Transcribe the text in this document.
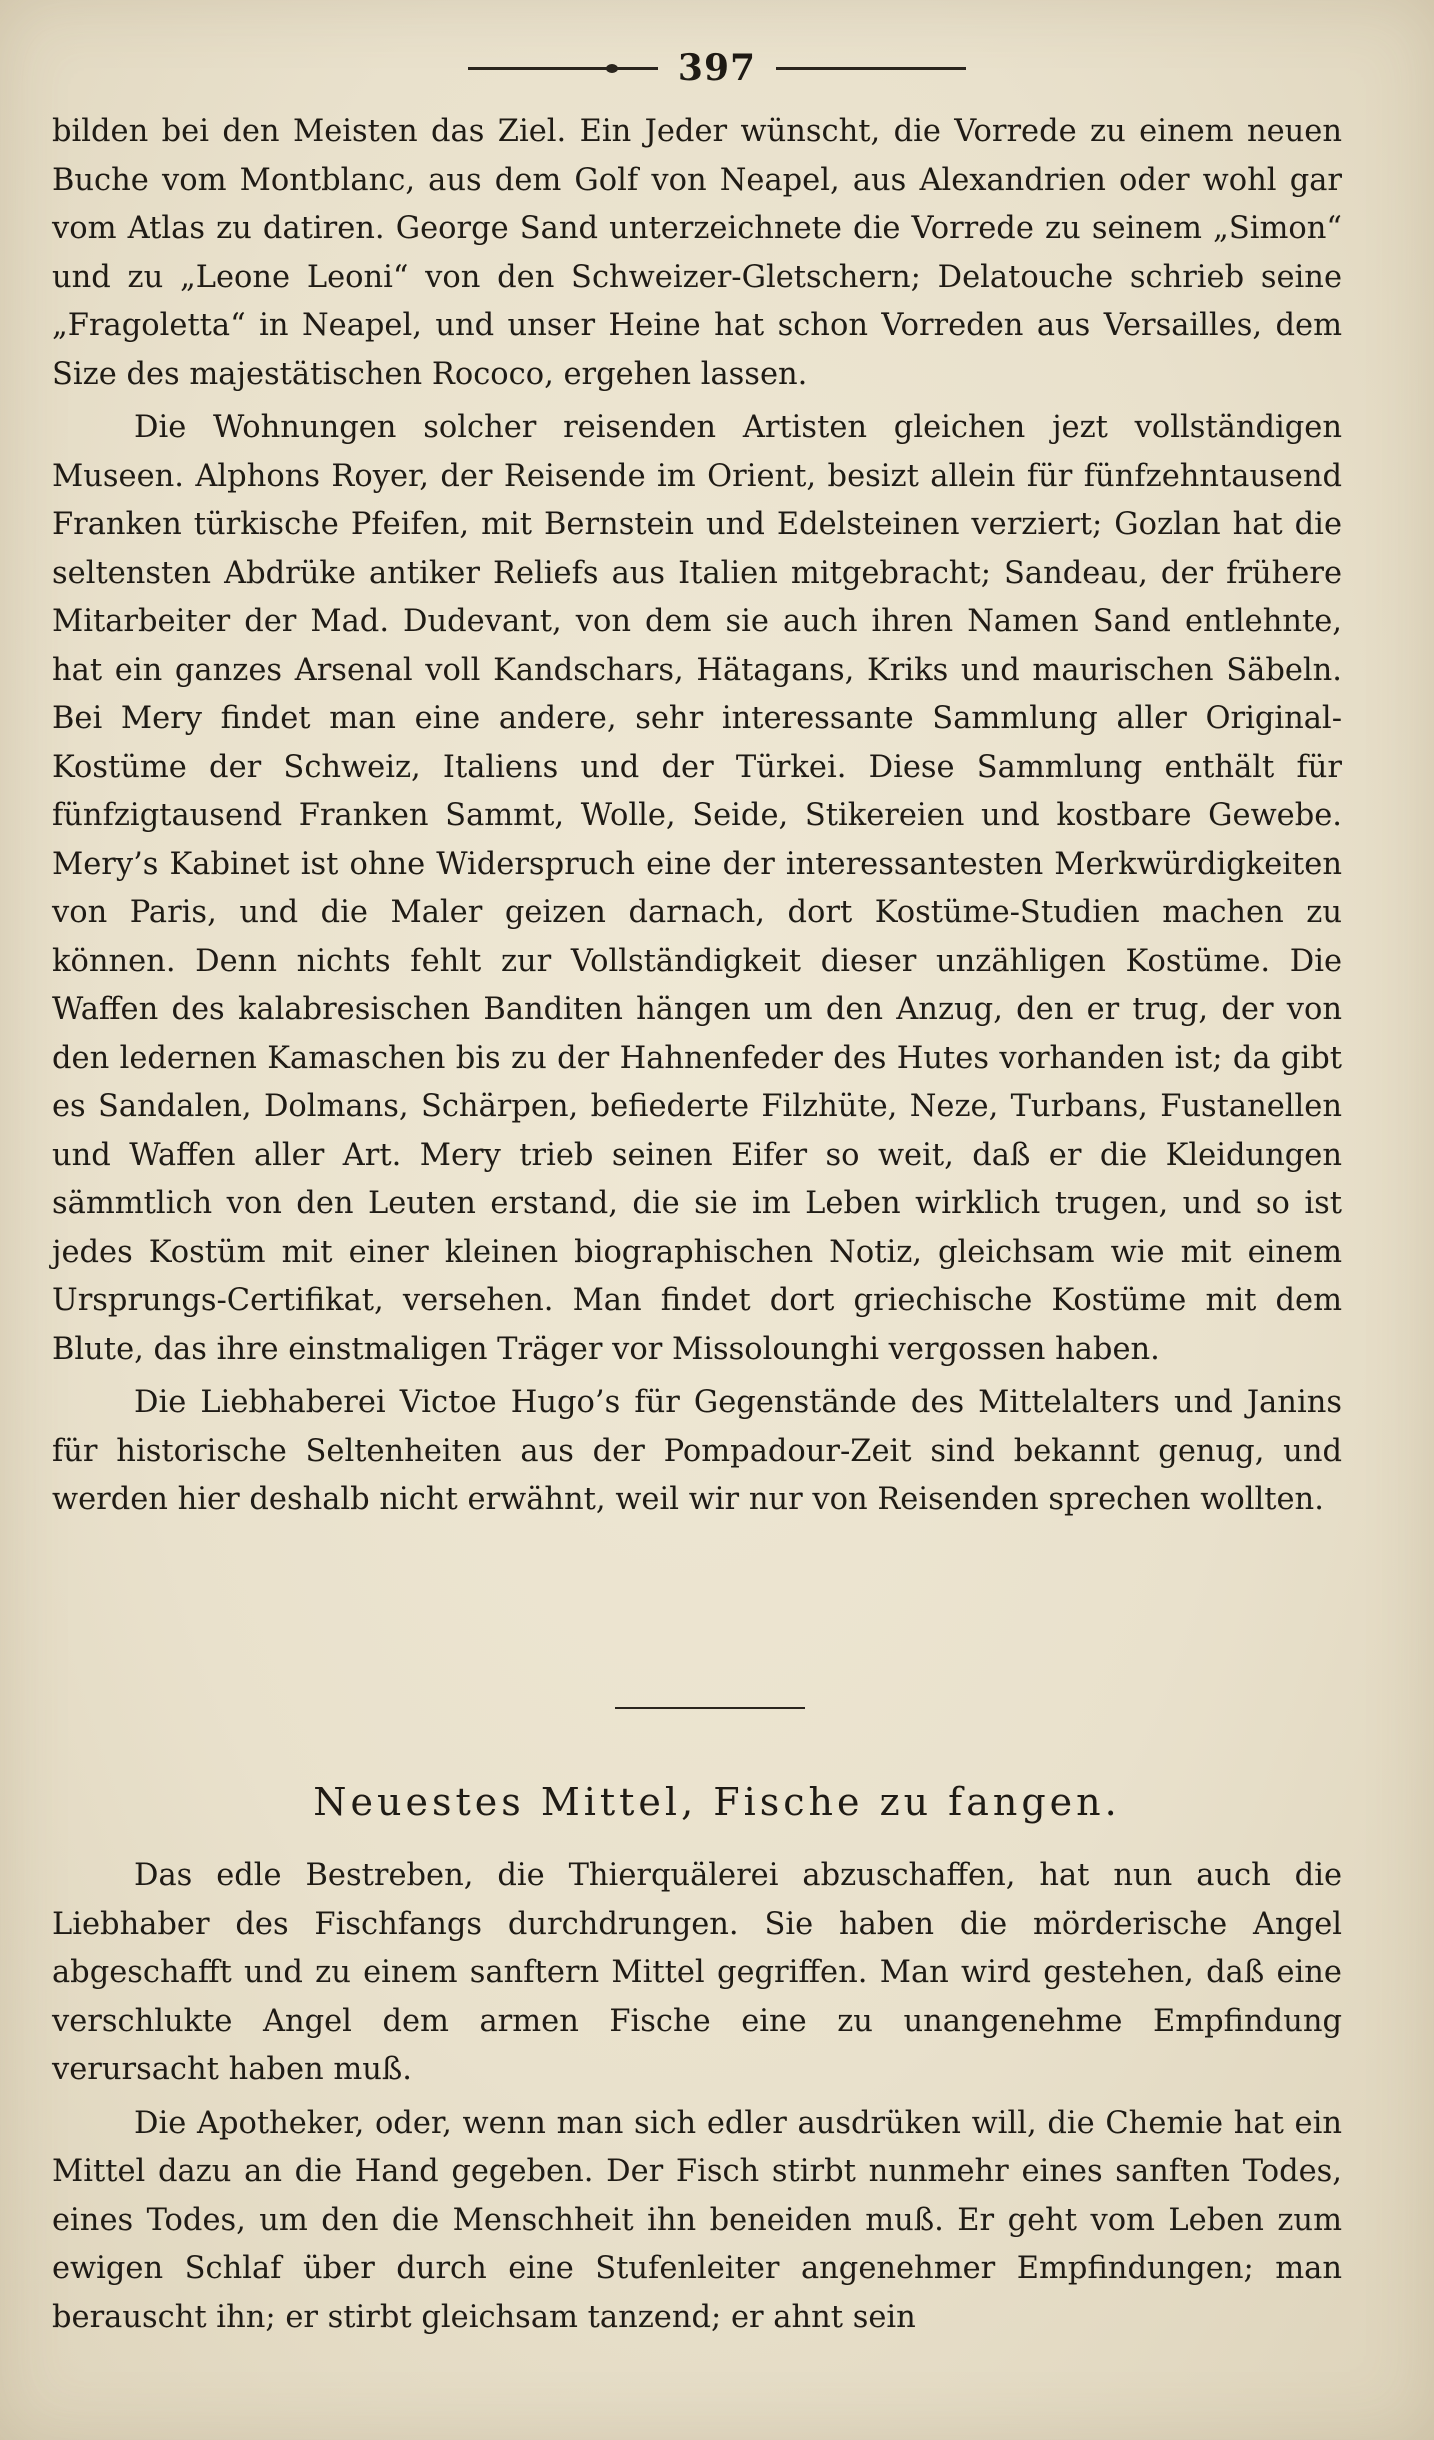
397

bilden bei den Meisten das Ziel. Ein Jeder wünscht, die Vorrede zu einem neuen Buche vom Montblanc, aus dem Golf von Neapel, aus Alexandrien oder wohl gar vom Atlas zu datiren. George Sand unterzeichnete die Vorrede zu seinem „Simon“ und zu „Leone Leoni“ von den Schweizer-Gletschern; Delatouche schrieb seine „Fragoletta“ in Neapel, und unser Heine hat schon Vorreden aus Versailles, dem Size des majestätischen Rococo, ergehen lassen.

Die Wohnungen solcher reisenden Artisten gleichen jezt vollständigen Museen. Alphons Royer, der Reisende im Orient, besizt allein für fünfzehntausend Franken türkische Pfeifen, mit Bernstein und Edelsteinen verziert; Gozlan hat die seltensten Abdrüke antiker Reliefs aus Italien mitgebracht; Sandeau, der frühere Mitarbeiter der Mad. Dudevant, von dem sie auch ihren Namen Sand entlehnte, hat ein ganzes Arsenal voll Kandschars, Hätagans, Kriks und maurischen Säbeln. Bei Mery findet man eine andere, sehr interessante Sammlung aller Original-Kostüme der Schweiz, Italiens und der Türkei. Diese Sammlung enthält für fünfzigtausend Franken Sammt, Wolle, Seide, Stikereien und kostbare Gewebe. Mery’s Kabinet ist ohne Widerspruch eine der interessantesten Merkwürdigkeiten von Paris, und die Maler geizen darnach, dort Kostüme-Studien machen zu können. Denn nichts fehlt zur Vollständigkeit dieser unzähligen Kostüme. Die Waffen des kalabresischen Banditen hängen um den Anzug, den er trug, der von den ledernen Kamaschen bis zu der Hahnenfeder des Hutes vorhanden ist; da gibt es Sandalen, Dolmans, Schärpen, befiederte Filzhüte, Neze, Turbans, Fustanellen und Waffen aller Art. Mery trieb seinen Eifer so weit, daß er die Kleidungen sämmtlich von den Leuten erstand, die sie im Leben wirklich trugen, und so ist jedes Kostüm mit einer kleinen biographischen Notiz, gleichsam wie mit einem Ursprungs-Certifikat, versehen. Man findet dort griechische Kostüme mit dem Blute, das ihre einstmaligen Träger vor Missolounghi vergossen haben.

Die Liebhaberei Victoe Hugo’s für Gegenstände des Mittelalters und Janins für historische Seltenheiten aus der Pompadour-Zeit sind bekannt genug, und werden hier deshalb nicht erwähnt, weil wir nur von Reisenden sprechen wollten.

Neuestes Mittel, Fische zu fangen.

Das edle Bestreben, die Thierquälerei abzuschaffen, hat nun auch die Liebhaber des Fischfangs durchdrungen. Sie haben die mörderische Angel abgeschafft und zu einem sanftern Mittel gegriffen. Man wird gestehen, daß eine verschlukte Angel dem armen Fische eine zu unangenehme Empfindung verursacht haben muß.

Die Apotheker, oder, wenn man sich edler ausdrüken will, die Chemie hat ein Mittel dazu an die Hand gegeben. Der Fisch stirbt nunmehr eines sanften Todes, eines Todes, um den die Menschheit ihn beneiden muß. Er geht vom Leben zum ewigen Schlaf über durch eine Stufenleiter angenehmer Empfindungen; man berauscht ihn; er stirbt gleichsam tanzend; er ahnt sein
